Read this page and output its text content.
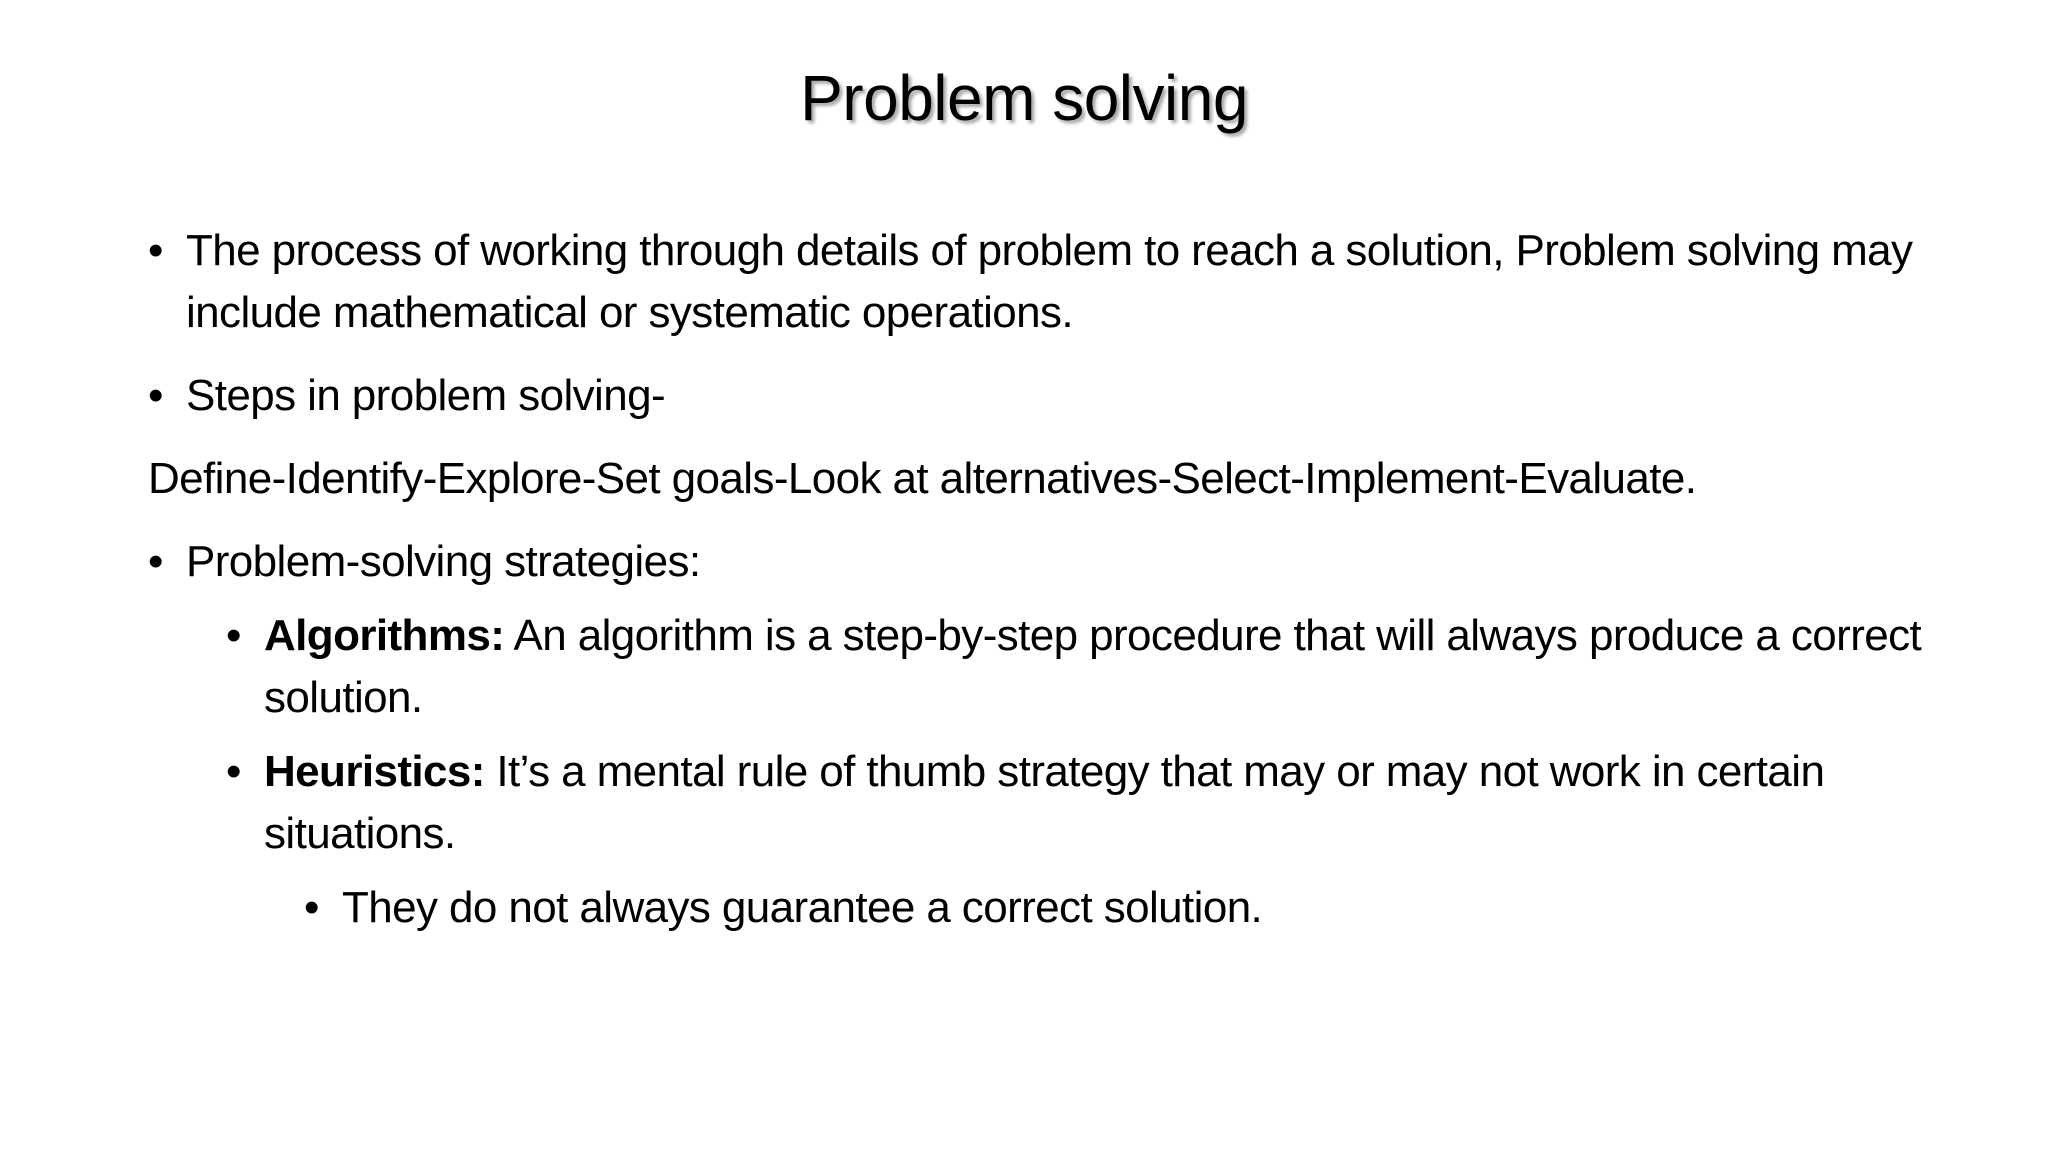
Problem solving

• The process of working through details of problem to reach a solution, Problem solving may include mathematical or systematic operations.

• Steps in problem solving-

Define-Identify-Explore-Set goals-Look at alternatives-Select-Implement-Evaluate.

• Problem-solving strategies:

• Algorithms: An algorithm is a step-by-step procedure that will always produce a correct solution.

• Heuristics: It’s a mental rule of thumb strategy that may or may not work in certain situations.

• They do not always guarantee a correct solution.
